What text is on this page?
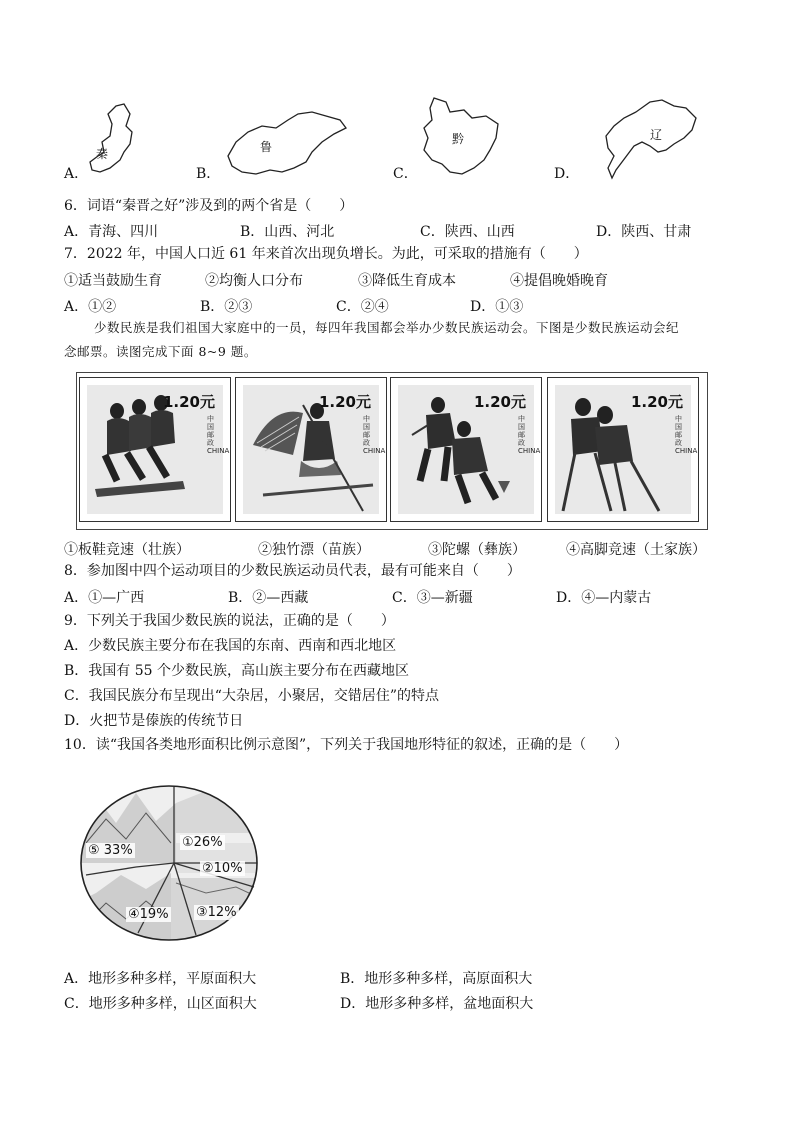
A．
秦
B．
鲁
C．
黔
D．
辽
6．词语“秦晋之好”涉及到的两个省是（　　）
A．青海、四川	B．山西、河北	C．陕西、山西	D．陕西、甘肃
7．2022 年，中国人口近 61 年来首次出现负增长。为此，可采取的措施有（　　）
①适当鼓励生育	②均衡人口分布	③降低生育成本	④提倡晚婚晚育
A．①②	B．②③	C．②④	D．①③
少数民族是我们祖国大家庭中的一员，每四年我国都会举办少数民族运动会。下图是少数民族运动会纪
念邮票。读图完成下面 8~9 题。
1.20元
中国邮政CHINA
1.20元
中国邮政CHINA
1.20元
中国邮政CHINA
1.20元
中国邮政CHINA
①板鞋竞速（壮族）	②独竹漂（苗族）	③陀螺（彝族）	④高脚竞速（土家族）
8．参加图中四个运动项目的少数民族运动员代表，最有可能来自（　　）
A．①—广西	B．②—西藏	C．③—新疆	D．④—内蒙古
9．下列关于我国少数民族的说法，正确的是（　　）
A．少数民族主要分布在我国的东南、西南和西北地区
B．我国有 55 个少数民族，高山族主要分布在西藏地区
C．我国民族分布呈现出“大杂居，小聚居，交错居住”的特点
D．火把节是傣族的传统节日
10．读“我国各类地形面积比例示意图”，下列关于我国地形特征的叙述，正确的是（　　）
①26%
②10%
③12%
④19%
⑤ 33%
A．地形多种多样，平原面积大	B．地形多种多样，高原面积大
C．地形多种多样，山区面积大	D．地形多种多样，盆地面积大
